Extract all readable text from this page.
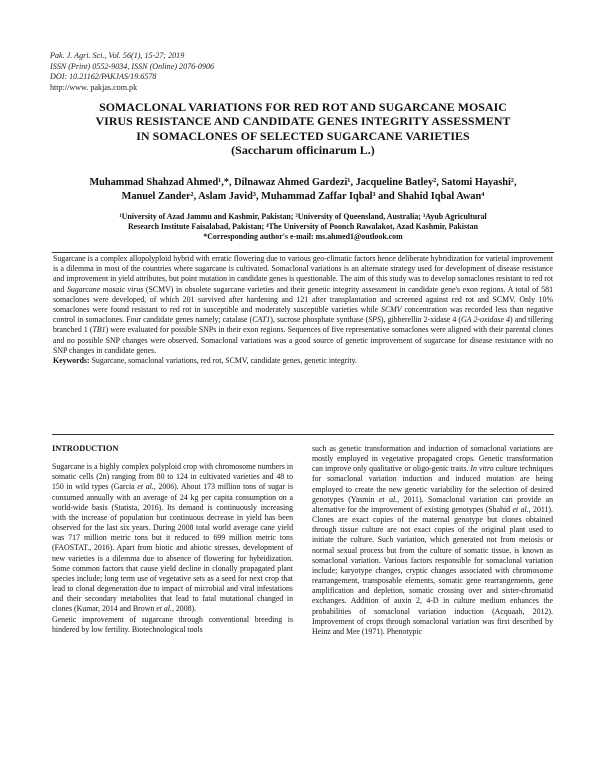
Pak. J. Agri. Sci., Vol. 56(1), 15-27; 2019
ISSN (Print) 0552-9034, ISSN (Online) 2076-0906
DOI: 10.21162/PAKJAS/19.6578
http://www. pakjas.com.pk
SOMACLONAL VARIATIONS FOR RED ROT AND SUGARCANE MOSAIC
VIRUS RESISTANCE AND CANDIDATE GENES INTEGRITY ASSESSMENT
IN SOMACLONES OF SELECTED SUGARCANE VARIETIES
(Saccharum officinarum L.)
Muhammad Shahzad Ahmed¹,*, Dilnawaz Ahmed Gardezi¹, Jacqueline Batley², Satomi Hayashi²,
Manuel Zander², Aslam Javid³, Muhammad Zaffar Iqbal³ and Shahid Iqbal Awan⁴
¹University of Azad Jammu and Kashmir, Pakistan; ²University of Queensland, Australia; ³Ayub Agricultural
Research Institute Faisalabad, Pakistan; ⁴The University of Poonch Rawalakot, Azad Kashmir, Pakistan
*Corresponding author's e-mail: ms.ahmed1@outlook.com

Sugarcane is a complex allopolyploid hybrid with erratic flowering due to various geo-climatic factors hence deliberate hybridization for varietal improvement is a dilemma in most of the countries where sugarcane is cultivated. Somaclonal variations is an alternate strategy used for development of disease resistance and improvement in yield attributes, but point mutation in candidate genes is questionable. The aim of this study was to develop somaclones resistant to red rot and Sugarcane mosaic virus (SCMV) in obsolete sugarcane varieties and their genetic integrity assessment in candidate gene's exon regions. A total of 581 somaclones were developed, of which 201 survived after hardening and 121 after transplantation and screened against red rot and SCMV. Only 10% somaclones were found resistant to red rot in susceptible and moderately susceptible varieties while SCMV concentration was recorded less than negative control in somaclones. Four candidate genes namely; catalase (CAT1), sucrose phosphate synthase (SPS), gibberellin 2-xidase 4 (GA 2-oxidase 4) and tillering branched 1 (TB1) were evaluated for possible SNPs in their exon regions. Sequences of five representative somaclones were aligned with their parental clones and no possible SNP changes were observed. Somaclonal variations was a good source of genetic improvement of sugarcane for disease resistance with no SNP changes in candidate genes.

Keywords: Sugarcane, somaclonal variations, red rot, SCMV, candidate genes, genetic integrity.

INTRODUCTION

Sugarcane is a highly complex polyploid crop with chromosome numbers in somatic cells (2n) ranging from 80 to 124 in cultivated varieties and 48 to 150 in wild types (Garcia et al., 2006). About 173 million tons of sugar is consumed annually with an average of 24 kg per capita consumption on a world-wide basis (Statista, 2016). Its demand is continuously increasing with the increase of population but continuous decrease in yield has been observed for the last six years. During 2008 total world average cane yield was 717 million metric tons but it reduced to 699 million metric tons (FAOSTAT., 2016). Apart from biotic and abiotic stresses, development of new varieties is a dilemma due to absence of flowering for hybridization. Some common factors that cause yield decline in clonally propagated plant species include; long term use of vegetative sets as a seed for next crop that lead to clonal degeneration due to impact of microbial and viral infestations and their secondary metabolites that lead to fatal mutational changed in clones (Kumar, 2014 and Brown et al., 2008).

Genetic improvement of sugarcane through conventional breeding is hindered by low fertility. Biotechnological tools

such as genetic transformation and induction of somaclonal variations are mostly employed in vegetative propagated crops. Genetic transformation can improve only qualitative or oligo-genic traits. In vitro culture techniques for somaclonal variation induction and induced mutation are being employed to create the new genetic variability for the selection of desired genotypes (Yasmin et al., 2011). Somaclonal variation can provide an alternative for the improvement of existing genotypes (Shahid et al., 2011). Clones are exact copies of the maternal genotype but clones obtained through tissue culture are not exact copies of the original plant used to initiate the culture. Such variation, which generated not from meiosis or normal sexual process but from the culture of somatic tissue, is known as somaclonal variation. Various factors responsible for somaclonal variation include; karyotype changes, cryptic changes associated with chromosome rearrangement, transposable elements, somatic gene rearrangements, gene amplification and depletion, somatic crossing over and sister-chromatid exchanges. Addition of auxin 2, 4-D in culture medium enhances the probabilities of somaclonal variation induction (Acquaah, 2012). Improvement of crops through somaclonal variation was first described by Heinz and Mee (1971). Phenotypic
